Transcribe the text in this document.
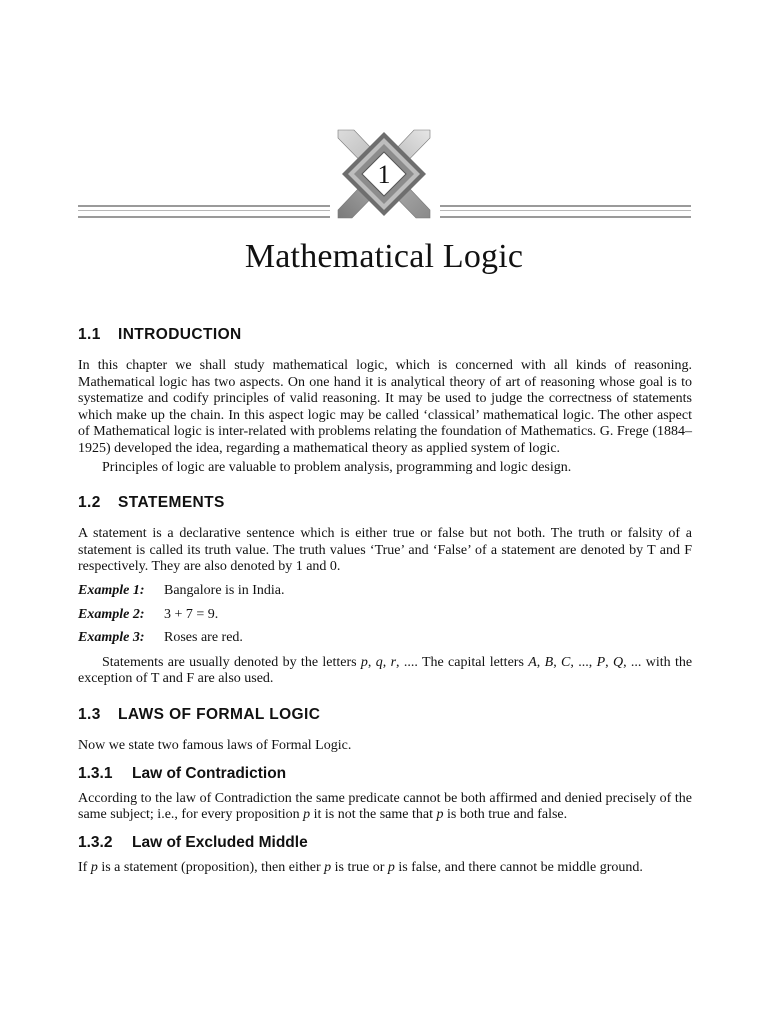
1
Mathematical Logic
1.1 INTRODUCTION

In this chapter we shall study mathematical logic, which is concerned with all kinds of reasoning. Mathematical logic has two aspects. On one hand it is analytical theory of art of reasoning whose goal is to systematize and codify principles of valid reasoning. It may be used to judge the correctness of statements which make up the chain. In this aspect logic may be called ‘classical’ mathematical logic. The other aspect of Mathematical logic is inter-related with problems relating the foundation of Mathematics. G. Frege (1884–1925) developed the idea, regarding a mathematical theory as applied system of logic.

Principles of logic are valuable to problem analysis, programming and logic design.

1.2 STATEMENTS

A statement is a declarative sentence which is either true or false but not both. The truth or falsity of a statement is called its truth value. The truth values ‘True’ and ‘False’ of a statement are denoted by T and F respectively. They are also denoted by 1 and 0.

Example 1:	Bangalore is in India.
Example 2:	3 + 7 = 9.
Example 3:	Roses are red.

Statements are usually denoted by the letters p, q, r, .... The capital letters A, B, C, ..., P, Q, ... with the exception of T and F are also used.

1.3 LAWS OF FORMAL LOGIC

Now we state two famous laws of Formal Logic.

1.3.1 Law of Contradiction

According to the law of Contradiction the same predicate cannot be both affirmed and denied precisely of the same subject; i.e., for every proposition p it is not the same that p is both true and false.

1.3.2 Law of Excluded Middle

If p is a statement (proposition), then either p is true or p is false, and there cannot be middle ground.
